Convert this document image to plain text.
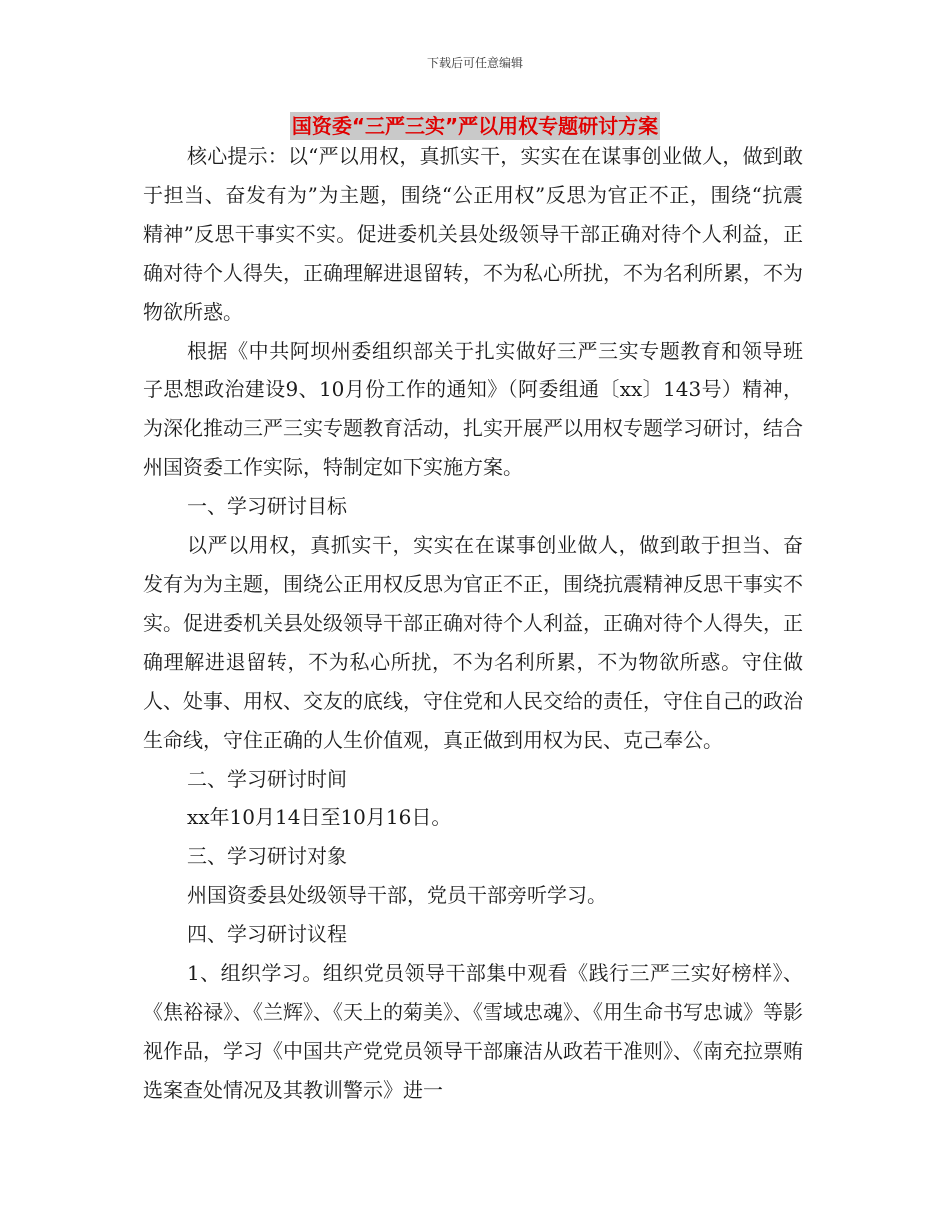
下载后可任意编辑
国资委“三严三实”严以用权专题研讨方案

核心提示：以“严以用权，真抓实干，实实在在谋事创业做人，做到敢于担当、奋发有为”为主题，围绕“公正用权”反思为官正不正，围绕“抗震精神”反思干事实不实。促进委机关县处级领导干部正确对待个人利益，正确对待个人得失，正确理解进退留转，不为私心所扰，不为名利所累，不为物欲所惑。

根据《中共阿坝州委组织部关于扎实做好三严三实专题教育和领导班子思想政治建设9、10月份工作的通知》（阿委组通〔xx〕143号）精神，为深化推动三严三实专题教育活动，扎实开展严以用权专题学习研讨，结合州国资委工作实际，特制定如下实施方案。

一、学习研讨目标

以严以用权，真抓实干，实实在在谋事创业做人，做到敢于担当、奋发有为为主题，围绕公正用权反思为官正不正，围绕抗震精神反思干事实不实。促进委机关县处级领导干部正确对待个人利益，正确对待个人得失，正确理解进退留转，不为私心所扰，不为名利所累，不为物欲所惑。守住做人、处事、用权、交友的底线，守住党和人民交给的责任，守住自己的政治生命线，守住正确的人生价值观，真正做到用权为民、克己奉公。

二、学习研讨时间

xx年10月14日至10月16日。

三、学习研讨对象

州国资委县处级领导干部，党员干部旁听学习。

四、学习研讨议程

1、组织学习。组织党员领导干部集中观看《践行三严三实好榜样》、《焦裕禄》、《兰辉》、《天上的菊美》、《雪域忠魂》、《用生命书写忠诚》等影视作品，学习《中国共产党党员领导干部廉洁从政若干准则》、《南充拉票贿选案查处情况及其教训警示》进一
